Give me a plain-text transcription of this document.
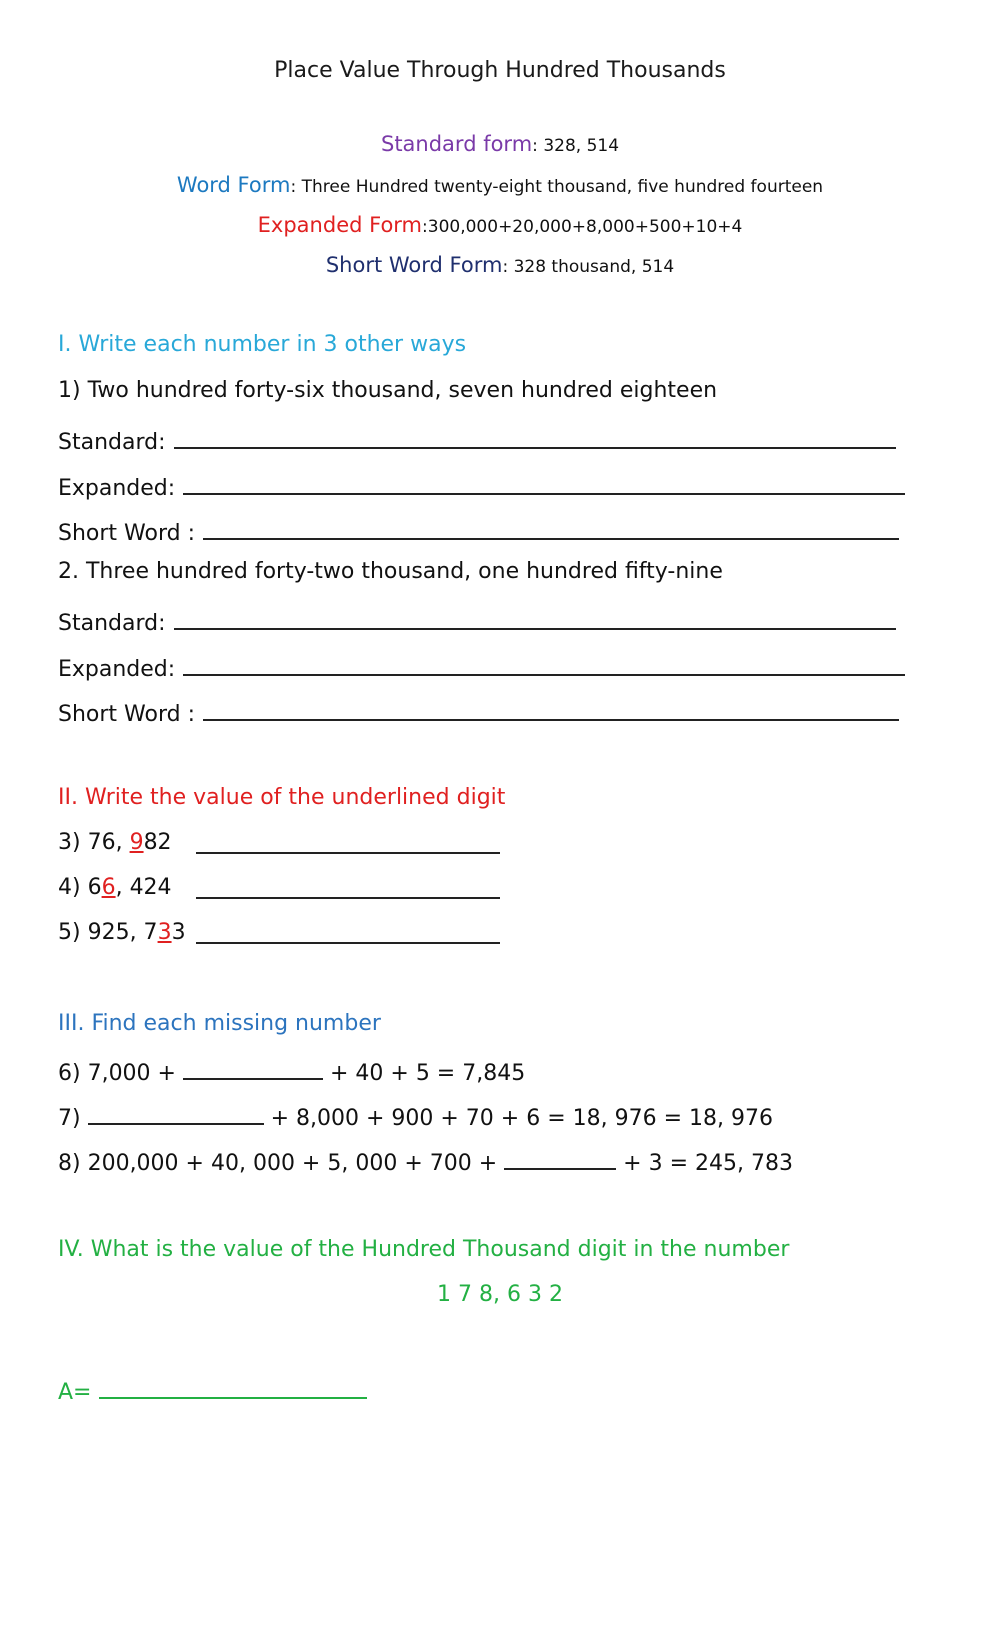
Place Value Through Hundred Thousands
Standard form: 328, 514
Word Form: Three Hundred twenty-eight thousand, five hundred fourteen
Expanded Form:300,000+20,000+8,000+500+10+4
Short Word Form: 328 thousand, 514
I. Write each number in 3 other ways
1) Two hundred forty-six thousand, seven hundred eighteen
Standard:
Expanded:
Short Word :
2. Three hundred forty-two thousand, one hundred fifty-nine
Standard:
Expanded:
Short Word :
II. Write the value of the underlined digit
3) 76, 982
4) 66, 424
5) 925, 733
III. Find each missing number
6) 7,000 +	+ 40 + 5 = 7,845
7)	+ 8,000 + 900 + 70 + 6 = 18, 976 = 18, 976
8) 200,000 + 40, 000 + 5, 000 + 700 +	+ 3 = 245, 783
IV. What is the value of the Hundred Thousand digit in the number
1 7 8, 6 3 2
A=
